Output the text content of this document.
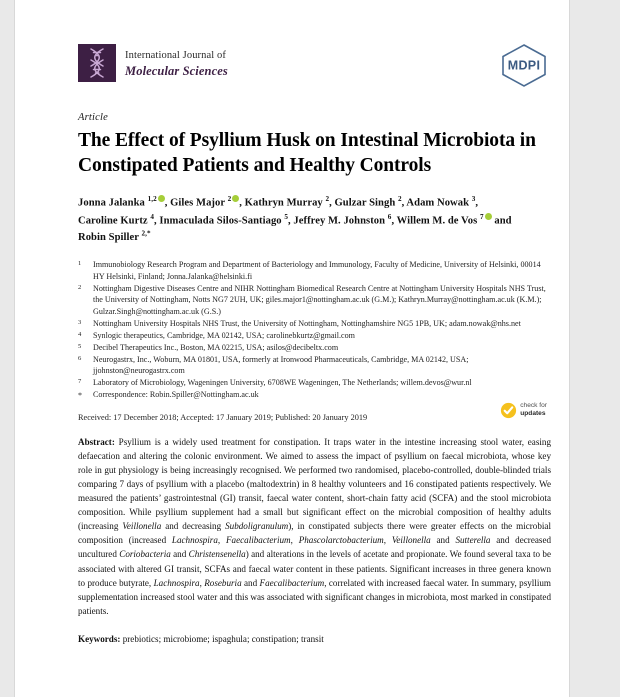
International Journal of
Molecular Sciences	MDPI
Article
The Effect of Psyllium Husk on Intestinal Microbiota in Constipated Patients and Healthy Controls
Jonna Jalanka $^{1,2}$ , Giles Major $^2$ , Kathryn Murray $^2$, Gulzar Singh $^2$, Adam Nowak $^3$,
Caroline Kurtz $^4$, Inmaculada Silos-Santiago $^5$, Jeffrey M. Johnston $^6$, Willem M. de Vos $^7$ and
Robin Spiller $^{2,*}$
1	Immunobiology Research Program and Department of Bacteriology and Immunology, Faculty of Medicine, University of Helsinki, 00014 HY Helsinki, Finland; Jonna.Jalanka@helsinki.fi
2	Nottingham Digestive Diseases Centre and NIHR Nottingham Biomedical Research Centre at Nottingham University Hospitals NHS Trust, the University of Nottingham, Notts NG7 2UH, UK; giles.major1@nottingham.ac.uk (G.M.); Kathryn.Murray@nottingham.ac.uk (K.M.); Gulzar.Singh@nottingham.ac.uk (G.S.)
3	Nottingham University Hospitals NHS Trust, the University of Nottingham, Nottinghamshire NG5 1PB, UK; adam.nowak@nhs.net
4	Synlogic therapeutics, Cambridge, MA 02142, USA; carolinebkurtz@gmail.com
5	Decibel Therapeutics Inc., Boston, MA 02215, USA; asilos@decibeltx.com
6	Neurogastrx, Inc., Woburn, MA 01801, USA, formerly at Ironwood Pharmaceuticals, Cambridge, MA 02142, USA; jjohnston@neurogastrx.com
7	Laboratory of Microbiology, Wageningen University, 6708WE Wageningen, The Netherlands; willem.devos@wur.nl
*	Correspondence: Robin.Spiller@Nottingham.ac.uk
Received: 17 December 2018; Accepted: 17 January 2019; Published: 20 January 2019
check for
updates
Abstract: Psyllium is a widely used treatment for constipation. It traps water in the intestine increasing stool water, easing defaecation and altering the colonic environment. We aimed to assess the impact of psyllium on faecal microbiota, whose key role in gut physiology is being increasingly recognised. We performed two randomised, placebo-controlled, double-blinded trials comparing 7 days of psyllium with a placebo (maltodextrin) in 8 healthy volunteers and 16 constipated patients respectively. We measured the patients’ gastrointestnal (GI) transit, faecal water content, short-chain fatty acid (SCFA) and the stool microbiota composition. While psyllium supplement had a small but significant effect on the microbial composition of healthy adults (increasing Veillonella and decreasing Subdoligranulum), in constipated subjects there were greater effects on the microbial composition (increased Lachnospira, Faecalibacterium, Phascolarctobacterium, Veillonella and Sutterella and decreased uncultured Coriobacteria and Christensenella) and alterations in the levels of acetate and propionate. We found several taxa to be associated with altered GI transit, SCFAs and faecal water content in these patients. Significant increases in three genera known to produce butyrate, Lachnospira, Roseburia and Faecalibacterium, correlated with increased faecal water. In summary, psyllium supplementation increased stool water and this was associated with significant changes in microbiota, most marked in constipated patients.
Keywords: prebiotics; microbiome; ispaghula; constipation; transit
